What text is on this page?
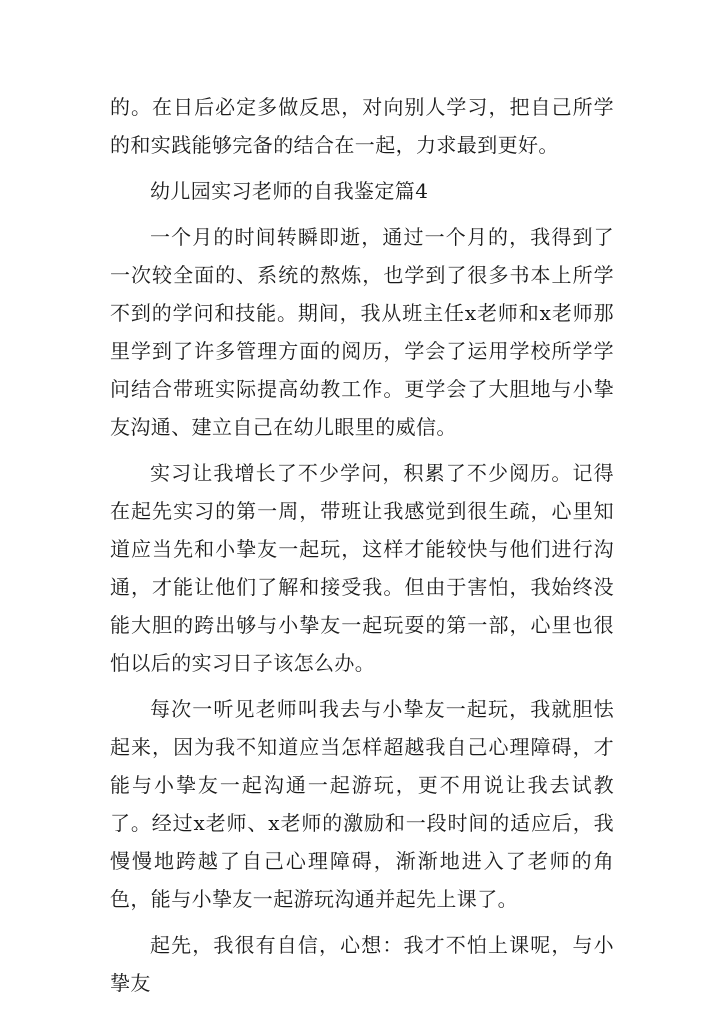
的。在日后必定多做反思，对向别人学习，把自己所学的和实践能够完备的结合在一起，力求最到更好。

幼儿园实习老师的自我鉴定篇4

一个月的时间转瞬即逝，通过一个月的，我得到了一次较全面的、系统的熬炼，也学到了很多书本上所学不到的学问和技能。期间，我从班主任x老师和x老师那里学到了许多管理方面的阅历，学会了运用学校所学学问结合带班实际提高幼教工作。更学会了大胆地与小挚友沟通、建立自己在幼儿眼里的威信。

实习让我增长了不少学问，积累了不少阅历。记得在起先实习的第一周，带班让我感觉到很生疏，心里知道应当先和小挚友一起玩，这样才能较快与他们进行沟通，才能让他们了解和接受我。但由于害怕，我始终没能大胆的跨出够与小挚友一起玩耍的第一部，心里也很怕以后的实习日子该怎么办。

每次一听见老师叫我去与小挚友一起玩，我就胆怯　起来，因为我不知道应当怎样超越我自己心理障碍，才能与小挚友一起沟通一起游玩，更不用说让我去试教了。经过x老师、x老师的激励和一段时间的适应后，我慢慢地跨越了自己心理障碍，渐渐地进入了老师的角色，能与小挚友一起游玩沟通并起先上课了。

起先，我很有自信，心想：我才不怕上课呢，与小挚友
